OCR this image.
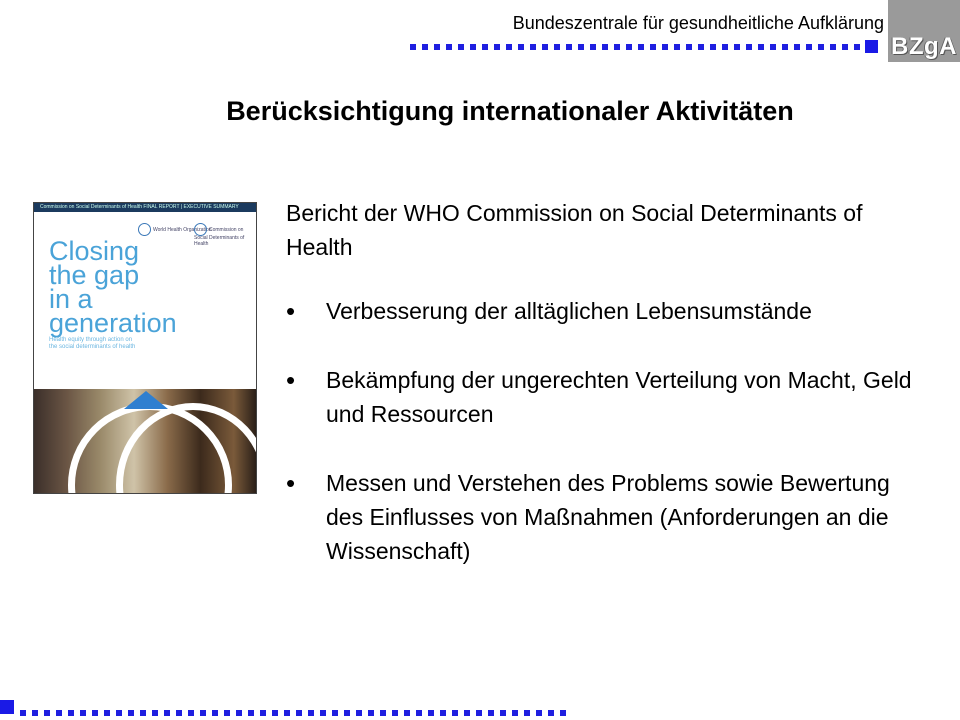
Bundeszentrale für gesundheitliche Aufklärung
BZgA
Berücksichtigung internationaler Aktivitäten
Commission on Social Determinants of Health FINAL REPORT | EXECUTIVE SUMMARY
World Health Organization
Commission on Social Determinants of Health
Closing
the gap
in a
generation
Health equity through action on
the social determinants of health

Bericht der WHO Commission on Social Determinants of Health

• Verbesserung der alltäglichen Lebensumstände
• Bekämpfung der ungerechten Verteilung von Macht, Geld und Ressourcen
• Messen und Verstehen des Problems sowie Bewertung des Einflusses von Maßnahmen (Anforderungen an die Wissenschaft)
